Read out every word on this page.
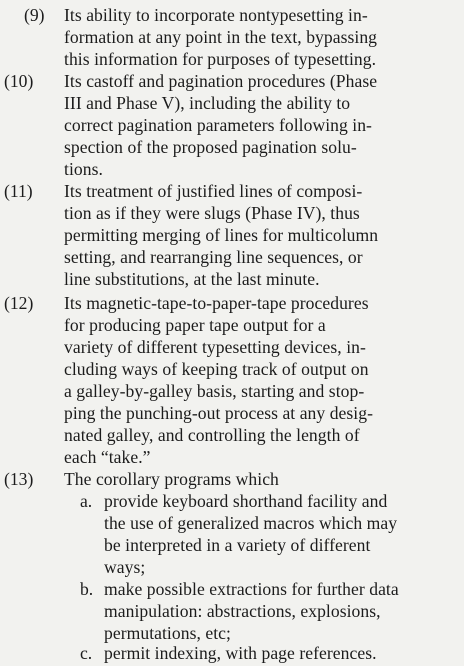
(9) Its ability to incorporate nontypesetting in-
formation at any point in the text, bypassing
this information for purposes of typesetting.
(10) Its castoff and pagination procedures (Phase
III and Phase V), including the ability to
correct pagination parameters following in-
spection of the proposed pagination solu-
tions.
(11) Its treatment of justified lines of composi-
tion as if they were slugs (Phase IV), thus
permitting merging of lines for multicolumn
setting, and rearranging line sequences, or
line substitutions, at the last minute.
(12) Its magnetic-tape-to-paper-tape procedures
for producing paper tape output for a
variety of different typesetting devices, in-
cluding ways of keeping track of output on
a galley-by-galley basis, starting and stop-
ping the punching-out process at any desig-
nated galley, and controlling the length of
each “take.”
(13) The corollary programs which
a. provide keyboard shorthand facility and
the use of generalized macros which may
be interpreted in a variety of different
ways;
b. make possible extractions for further data
manipulation: abstractions, explosions,
permutations, etc;
c. permit indexing, with page references.
